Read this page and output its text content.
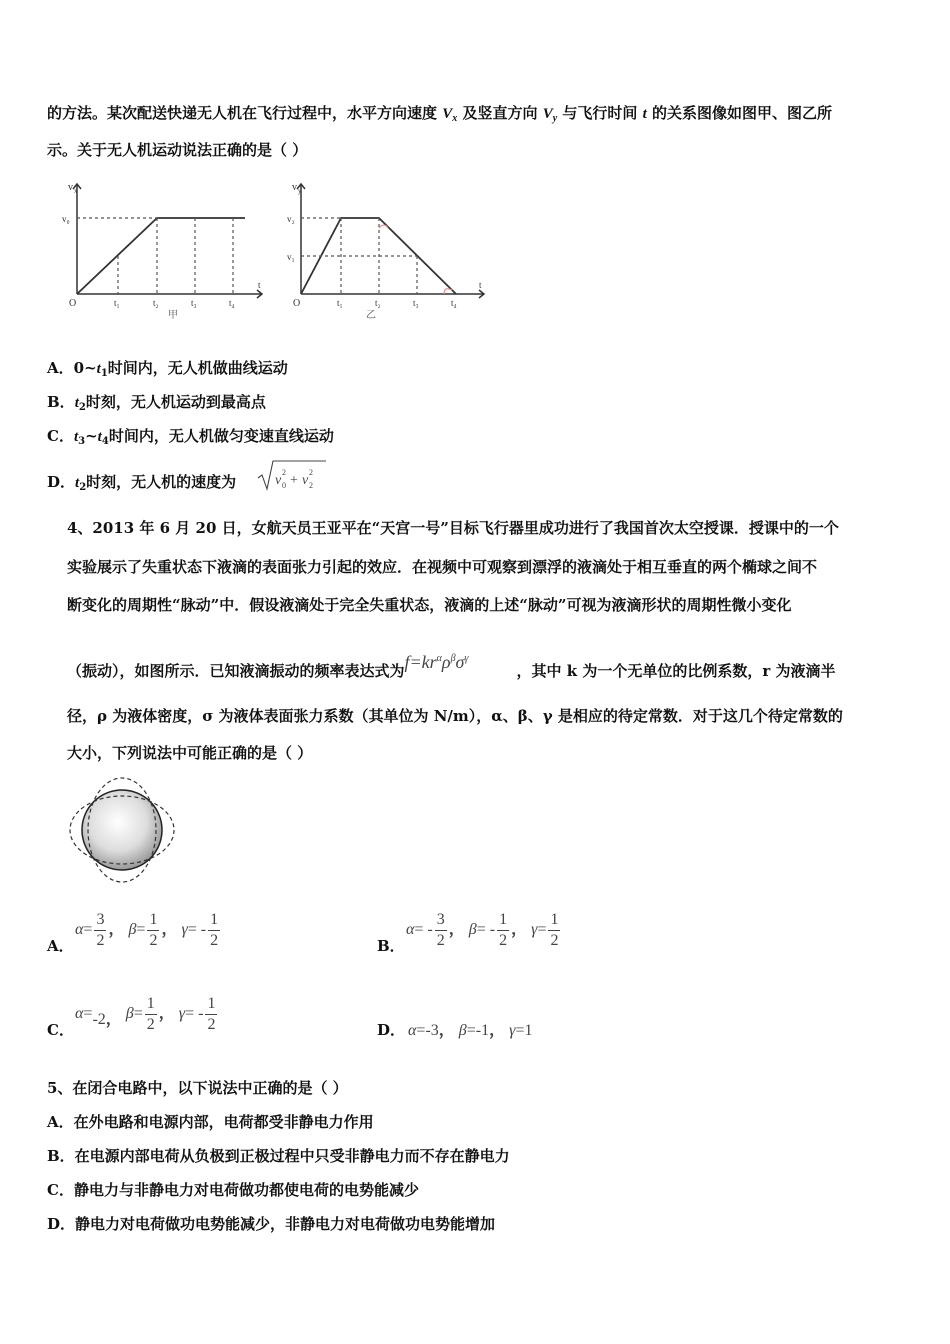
的方法。某次配送快递无人机在飞行过程中，水平方向速度 $V_x$ 及竖直方向 $V_y$ 与飞行时间 t 的关系图像如图甲、图乙所
示。关于无人机运动说法正确的是（ ）
v x
v₀
O	t₁	t₂	t₃	t₄
t
甲
v y
v₂
v₁
O	t₁	t₂	t₃	t₄
t
乙
A．$0\sim t_1$时间内，无人机做曲线运动
B．$t_2$时刻，无人机运动到最高点
C．$t_3\sim t_4$时间内，无人机做匀变速直线运动
D．$t_2$时刻，无人机的速度为	v
2
0 + v
2
2
4、2013 年 6 月 20 日，女航天员王亚平在“天宫一号”目标飞行器里成功进行了我国首次太空授课．授课中的一个
实验展示了失重状态下液滴的表面张力引起的效应．在视频中可观察到漂浮的液滴处于相互垂直的两个椭球之间不
断变化的周期性“脉动”中．假设液滴处于完全失重状态，液滴的上述“脉动”可视为液滴形状的周期性微小变化
（振动），如图所示．已知液滴振动的频率表达式为$f=kr^\alpha\rho^\beta\sigma^\gamma$，其中 k 为一个无单位的比例系数，r 为液滴半
径，ρ 为液体密度，σ 为液体表面张力系数（其单位为 N/m），α、β、γ 是相应的待定常数．对于这几个待定常数的
大小，下列说法中可能正确的是（ ）
A．
$\alpha= \frac{3}{2}$ ， $\beta= \frac{1}{2}$ ， $\gamma= - \frac{1}{2}$	B．
$\alpha= - \frac{3}{2}$ ， $\beta= - \frac{1}{2}$ ， $\gamma= \frac{1}{2}$
C．
α=-2， $\beta= \frac{1}{2}$ ， $\gamma= - \frac{1}{2}$	D． α=-3， β=-1， γ=1
5、在闭合电路中，以下说法中正确的是（ ）
A．在外电路和电源内部，电荷都受非静电力作用
B．在电源内部电荷从负极到正极过程中只受非静电力而不存在静电力
C．静电力与非静电力对电荷做功都使电荷的电势能减少
D．静电力对电荷做功电势能减少，非静电力对电荷做功电势能增加
